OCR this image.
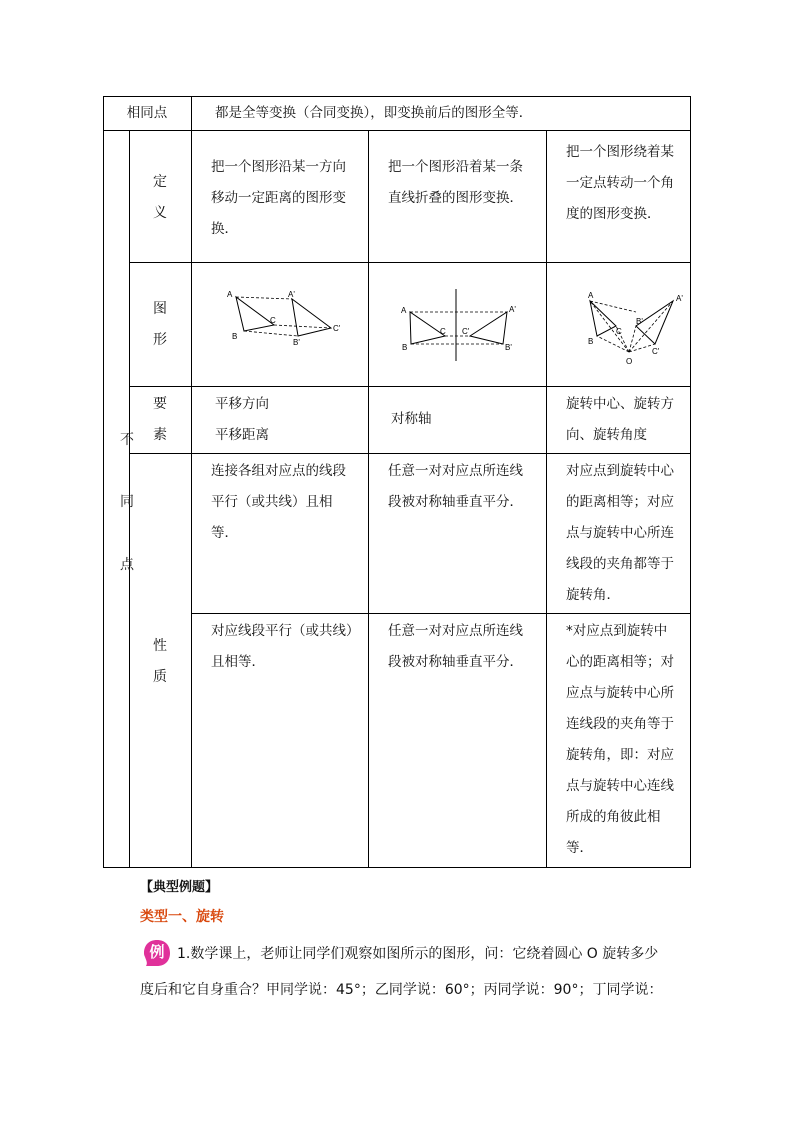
相同点	都是全等变换（合同变换），即变换前后的图形全等．
不
同
点
定
义
把一个图形沿某一方向移动一定距离的图形变换．
把一个图形沿着某一条直线折叠的图形变换．
把一个图形绕着某一定点转动一个角度的图形变换．
图
形
A
B
C
A'
B'
C'
A
B
C
A'
B'
C'
A
B
C
A'
B'
C'
O
要
素
平移方向
平移距离
对称轴
旋转中心、旋转方向、旋转角度
连接各组对应点的线段平行（或共线）且相等．
任意一对对应点所连线段被对称轴垂直平分．
对应点到旋转中心的距离相等；对应点与旋转中心所连线段的夹角都等于旋转角．
性
质
对应线段平行（或共线）且相等．
任意一对对应点所连线段被对称轴垂直平分．
*对应点到旋转中心的距离相等；对应点与旋转中心所连线段的夹角等于旋转角，即：对应点与旋转中心连线所成的角彼此相等．
【典型例题】
类型一、旋转
例 1.数学课上，老师让同学们观察如图所示的图形，问：它绕着圆心 O 旋转多少
度后和它自身重合？甲同学说：45°；乙同学说：60°；丙同学说：90°；丁同学说：
